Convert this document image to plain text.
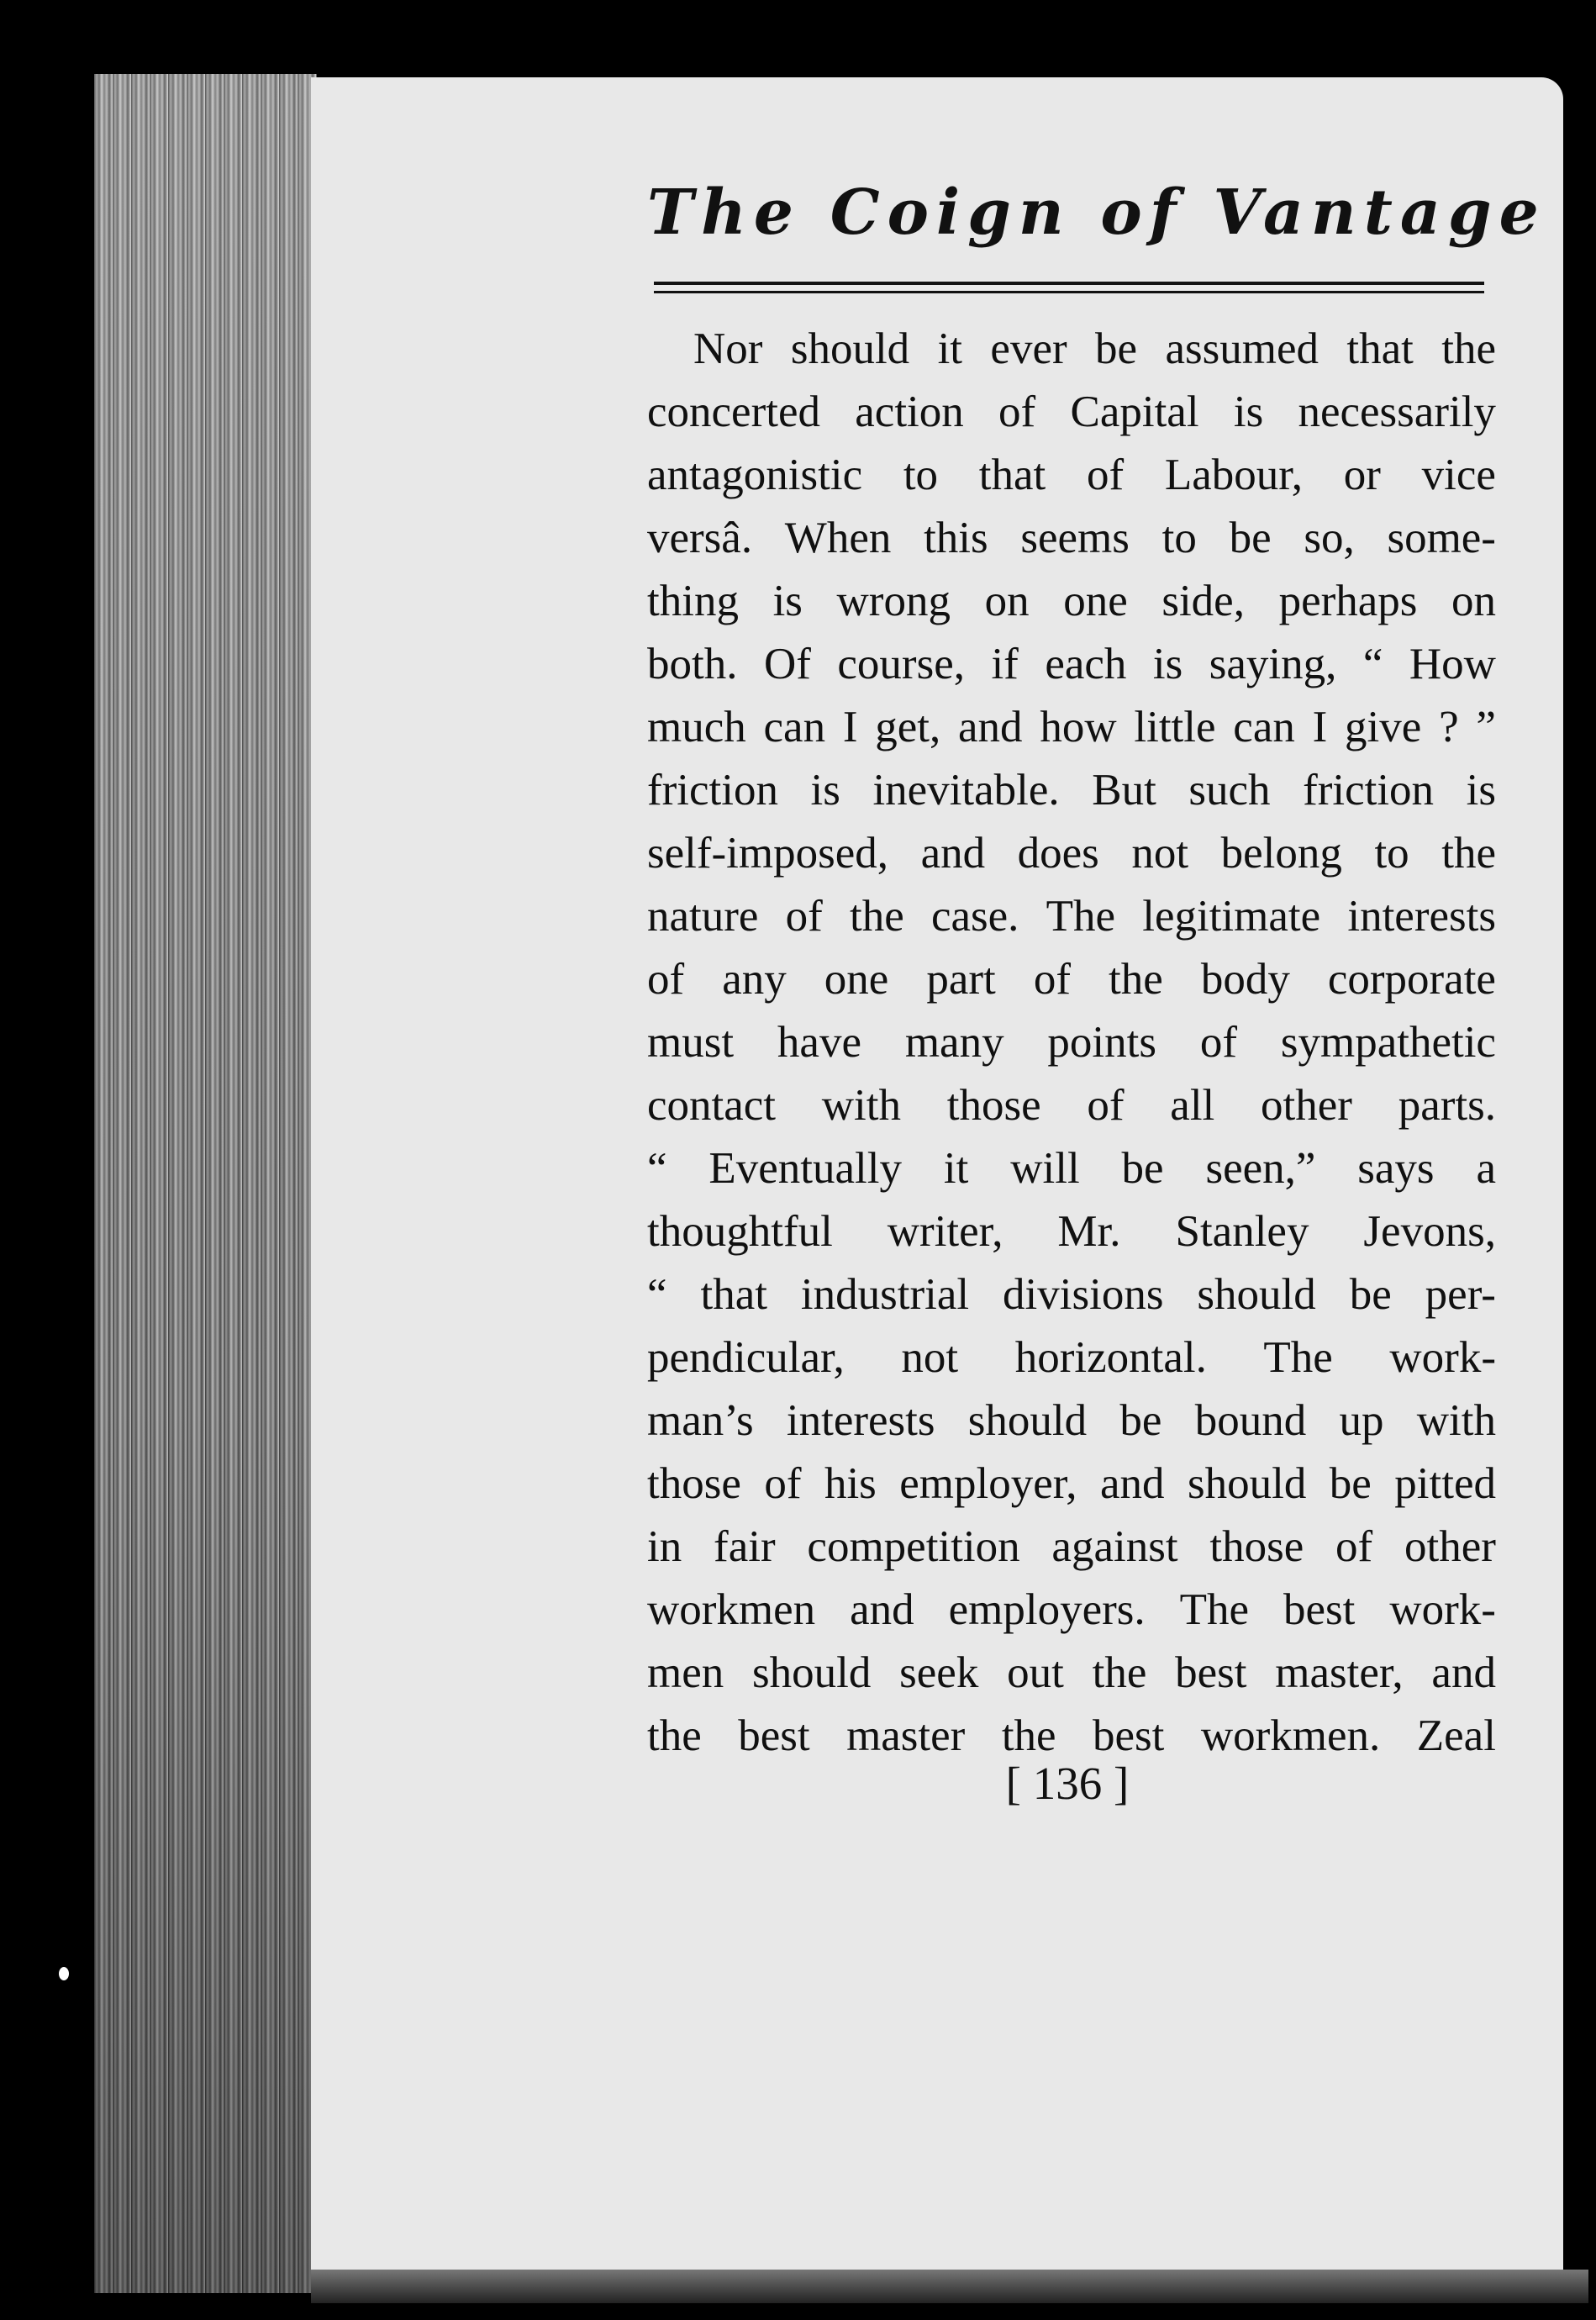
The Coign of Vantage
Nor should it ever be assumed that the
concerted action of Capital is necessarily
antagonistic to that of Labour, or vice
versâ. When this seems to be so, some-
thing is wrong on one side, perhaps on
both. Of course, if each is saying, “ How
much can I get, and how little can I give ? ”
friction is inevitable. But such friction is
self-imposed, and does not belong to the
nature of the case. The legitimate interests
of any one part of the body corporate
must have many points of sympathetic
contact with those of all other parts.
“ Eventually it will be seen,” says a
thoughtful writer, Mr. Stanley Jevons,
“ that industrial divisions should be per-
pendicular, not horizontal. The work-
man’s interests should be bound up with
those of his employer, and should be pitted
in fair competition against those of other
workmen and employers. The best work-
men should seek out the best master, and
the best master the best workmen. Zeal

[ 136 ]
